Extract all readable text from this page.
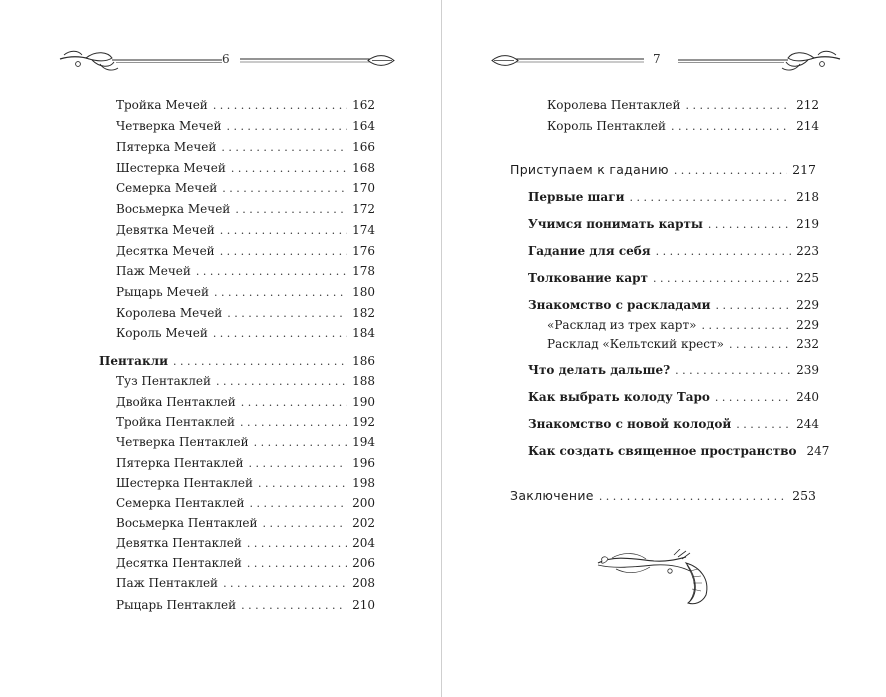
6
Тройка Мечей . . .	162
Четверка Мечей . . .	164
Пятерка Мечей . . .	166
Шестерка Мечей . . .	168
Семерка Мечей . . .	170
Восьмерка Мечей . . .	172
Девятка Мечей . . .	174
Десятка Мечей . . .	176
Паж Мечей . . .	178
Рыцарь Мечей . . .	180
Королева Мечей . . .	182
Король Мечей . . .	184
Пентакли . . .	186
Туз Пентаклей . . .	188
Двойка Пентаклей . . .	190
Тройка Пентаклей . . .	192
Четверка Пентаклей . . .	194
Пятерка Пентаклей . . .	196
Шестерка Пентаклей . . .	198
Семерка Пентаклей . . .	200
Восьмерка Пентаклей . . .	202
Девятка Пентаклей . . .	204
Десятка Пентаклей . . .	206
Паж Пентаклей . . .	208
Рыцарь Пентаклей . . .	210
7
Королева Пентаклей . . .	212
Король Пентаклей . . .	214
Приступаем к гаданию . . .	217
Первые шаги . . .	218
Учимся понимать карты . . .	219
Гадание для себя . . .	223
Толкование карт . . .	225
Знакомство с раскладами . . .	229
«Расклад из трех карт» . . .	229
Расклад «Кельтский крест» . . .	232
Что делать дальше? . . .	239
Как выбрать колоду Таро . . .	240
Знакомство с новой колодой . . .	244
Как создать священное пространство 247
Заключение . . .	253
